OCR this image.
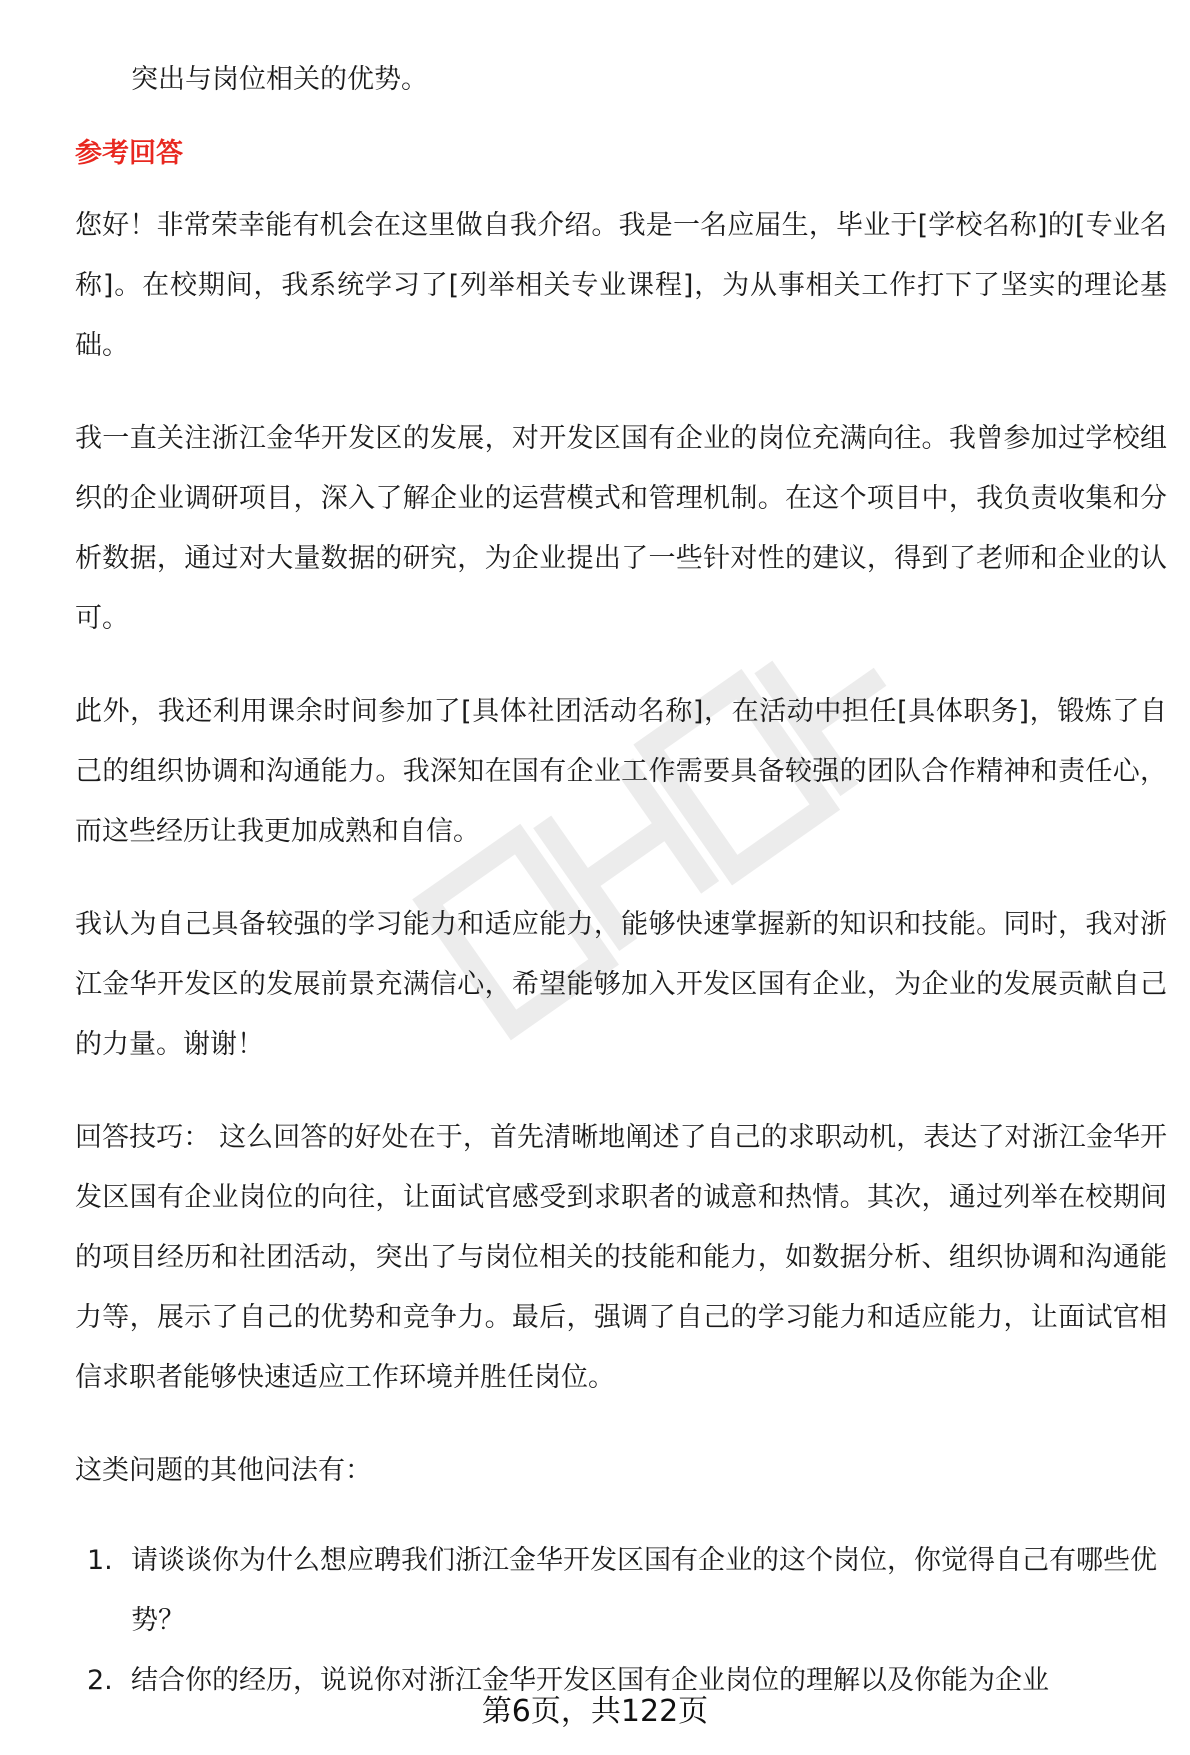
突出与岗位相关的优势。

参考回答

您好！非常荣幸能有机会在这里做自我介绍。我是一名应届生，毕业于[学校名称]的[专业名称]。在校期间，我系统学习了[列举相关专业课程]，为从事相关工作打下了坚实的理论基础。

我一直关注浙江金华开发区的发展，对开发区国有企业的岗位充满向往。我曾参加过学校组织的企业调研项目，深入了解企业的运营模式和管理机制。在这个项目中，我负责收集和分析数据，通过对大量数据的研究，为企业提出了一些针对性的建议，得到了老师和企业的认可。

此外，我还利用课余时间参加了[具体社团活动名称]，在活动中担任[具体职务]，锻炼了自己的组织协调和沟通能力。我深知在国有企业工作需要具备较强的团队合作精神和责任心，而这些经历让我更加成熟和自信。

我认为自己具备较强的学习能力和适应能力，能够快速掌握新的知识和技能。同时，我对浙江金华开发区的发展前景充满信心，希望能够加入开发区国有企业，为企业的发展贡献自己的力量。谢谢！

回答技巧： 这么回答的好处在于，首先清晰地阐述了自己的求职动机，表达了对浙江金华开发区国有企业岗位的向往，让面试官感受到求职者的诚意和热情。其次，通过列举在校期间的项目经历和社团活动，突出了与岗位相关的技能和能力，如数据分析、组织协调和沟通能力等，展示了自己的优势和竞争力。最后，强调了自己的学习能力和适应能力，让面试官相信求职者能够快速适应工作环境并胜任岗位。

这类问题的其他问法有：

1. 请谈谈你为什么想应聘我们浙江金华开发区国有企业的这个岗位，你觉得自己有哪些优势？
2. 结合你的经历，说说你对浙江金华开发区国有企业岗位的理解以及你能为企业
第6页，共122页
